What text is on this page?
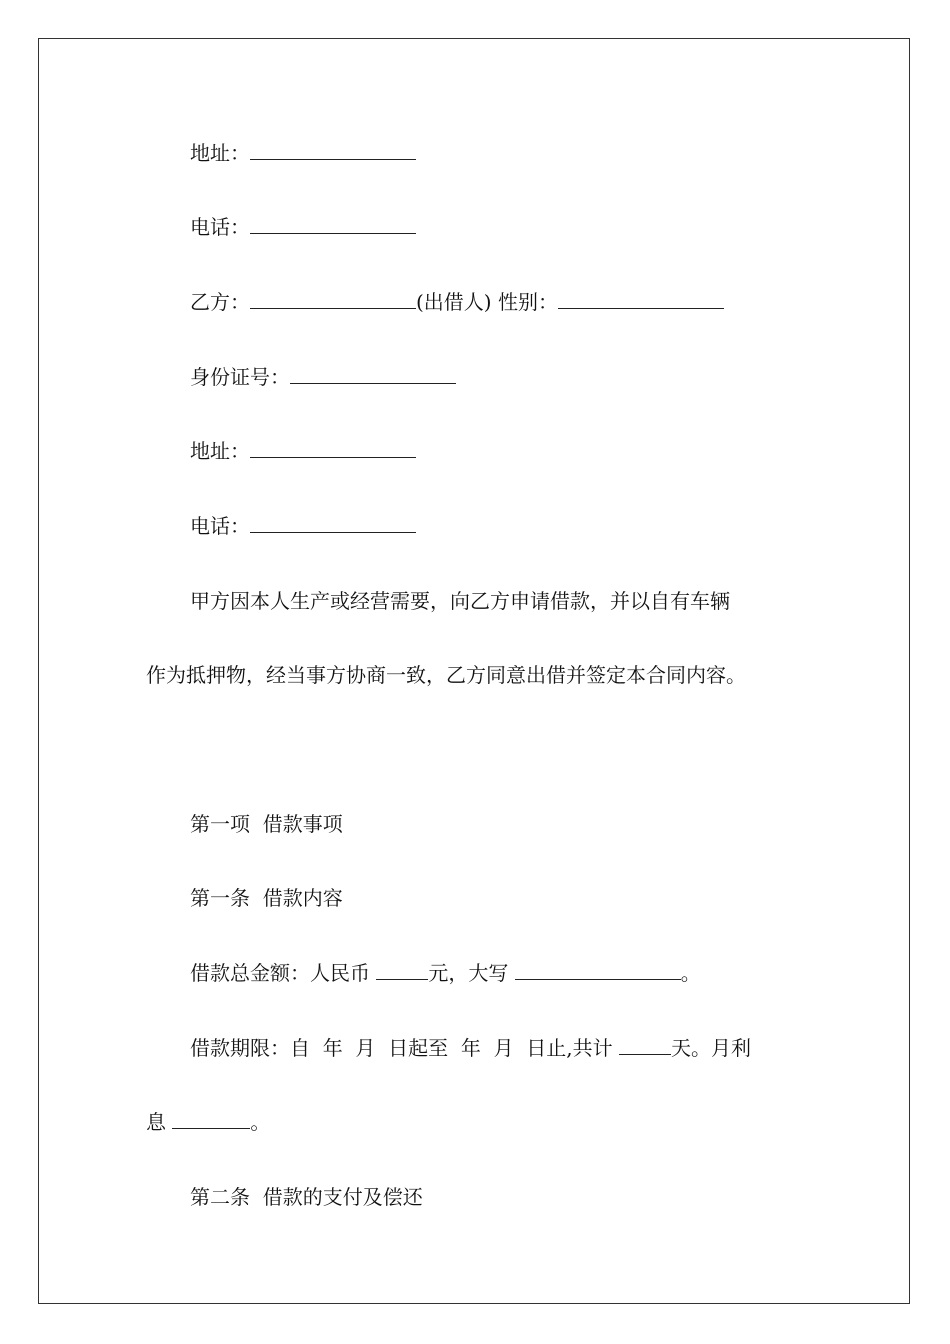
地址：
电话：
乙方：	(出借人) 性别：
身份证号：
地址：
电话：
甲方因本人生产或经营需要，向乙方申请借款，并以自有车辆
作为抵押物，经当事方协商一致，乙方同意出借并签定本合同内容。
第一项  借款事项
第一条  借款内容
借款总金额：人民币	元，大写	。
借款期限：自  年  月  日起至  年  月  日止,共计	天。月利
息	。
第二条  借款的支付及偿还
